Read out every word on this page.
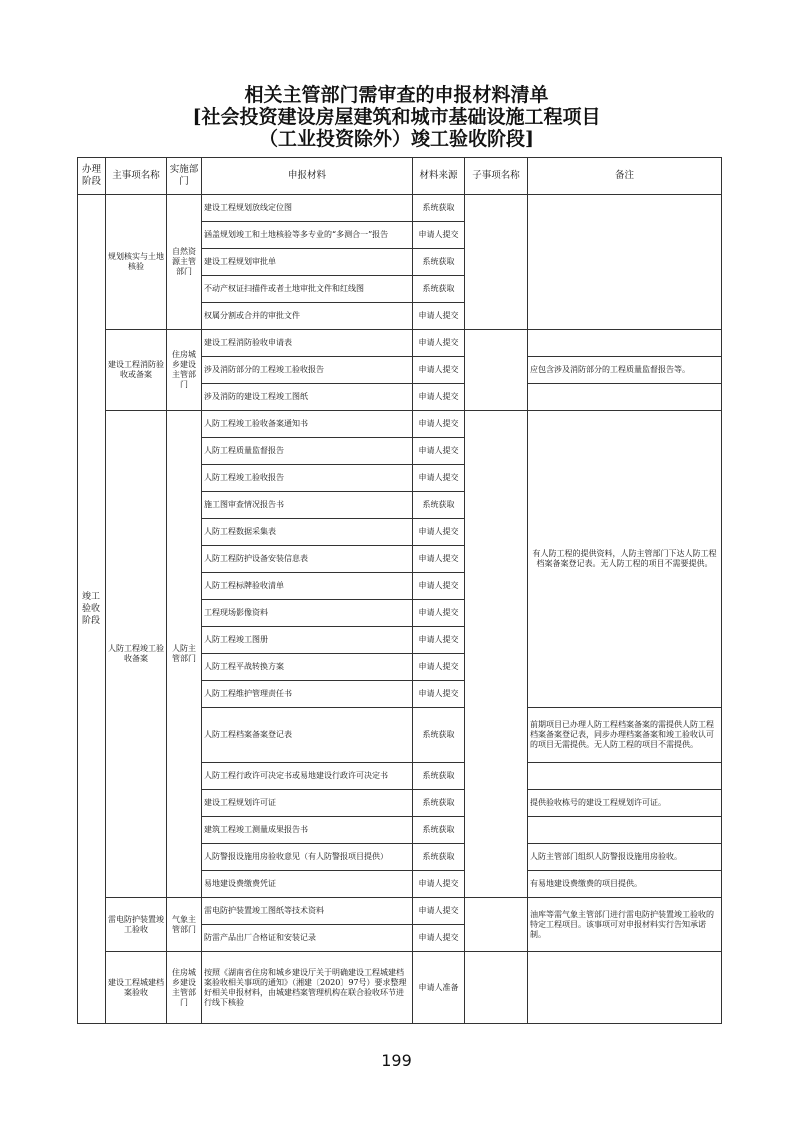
相关主管部门需审查的申报材料清单
[社会投资建设房屋建筑和城市基础设施工程项目
（工业投资除外）竣工验收阶段]
办理阶段	主事项名称	实施部门	申报材料	材料来源	子事项名称	备注
竣工验收阶段	规划核实与土地核验	自然资源主管部门	建设工程规划放线定位图	系统获取		
			涵盖规划竣工和土地核验等多专业的“多测合一”报告	申请人提交		
			建设工程规划审批单	系统获取		
			不动产权证扫描件或者土地审批文件和红线图	系统获取		
			权属分割或合并的审批文件	申请人提交		
	建设工程消防验收或备案	住房城乡建设主管部门	建设工程消防验收申请表	申请人提交		
			涉及消防部分的工程竣工验收报告	申请人提交		应包含涉及消防部分的工程质量监督报告等。
			涉及消防的建设工程竣工图纸	申请人提交		
	人防工程竣工验收备案	人防主管部门	人防工程竣工验收备案通知书	申请人提交		有人防工程的提供资料，人防主管部门下达人防工程档案备案登记表。无人防工程的项目不需要提供。
			人防工程质量监督报告	申请人提交		
			人防工程竣工验收报告	申请人提交		
			施工图审查情况报告书	系统获取		
			人防工程数据采集表	申请人提交		
			人防工程防护设备安装信息表	申请人提交		
			人防工程标牌验收清单	申请人提交		
			工程现场影像资料	申请人提交		
			人防工程竣工图册	申请人提交		
			人防工程平战转换方案	申请人提交		
			人防工程维护管理责任书	申请人提交		
			人防工程档案备案登记表	系统获取		前期项目已办理人防工程档案备案的需提供人防工程档案备案登记表，同步办理档案备案和竣工验收认可的项目无需提供。无人防工程的项目不需提供。
			人防工程行政许可决定书或易地建设行政许可决定书	系统获取		
			建设工程规划许可证	系统获取		提供验收栋号的建设工程规划许可证。
			建筑工程竣工测量成果报告书	系统获取		
			人防警报设施用房验收意见（有人防警报项目提供）	系统获取		人防主管部门组织人防警报设施用房验收。
			易地建设费缴费凭证	申请人提交		有易地建设费缴费的项目提供。
	雷电防护装置竣工验收	气象主管部门	雷电防护装置竣工图纸等技术资料	申请人提交		油库等需气象主管部门进行雷电防护装置竣工验收的特定工程项目。该事项可对申报材料实行告知承诺制。
			防雷产品出厂合格证和安装记录	申请人提交		
	建设工程城建档案验收	住房城乡建设主管部门	按照《湖南省住房和城乡建设厅关于明确建设工程城建档案验收相关事项的通知》（湘建〔2020〕97号）要求整理好相关申报材料，由城建档案管理机构在联合验收环节进行线下核验	申请人准备		
199
